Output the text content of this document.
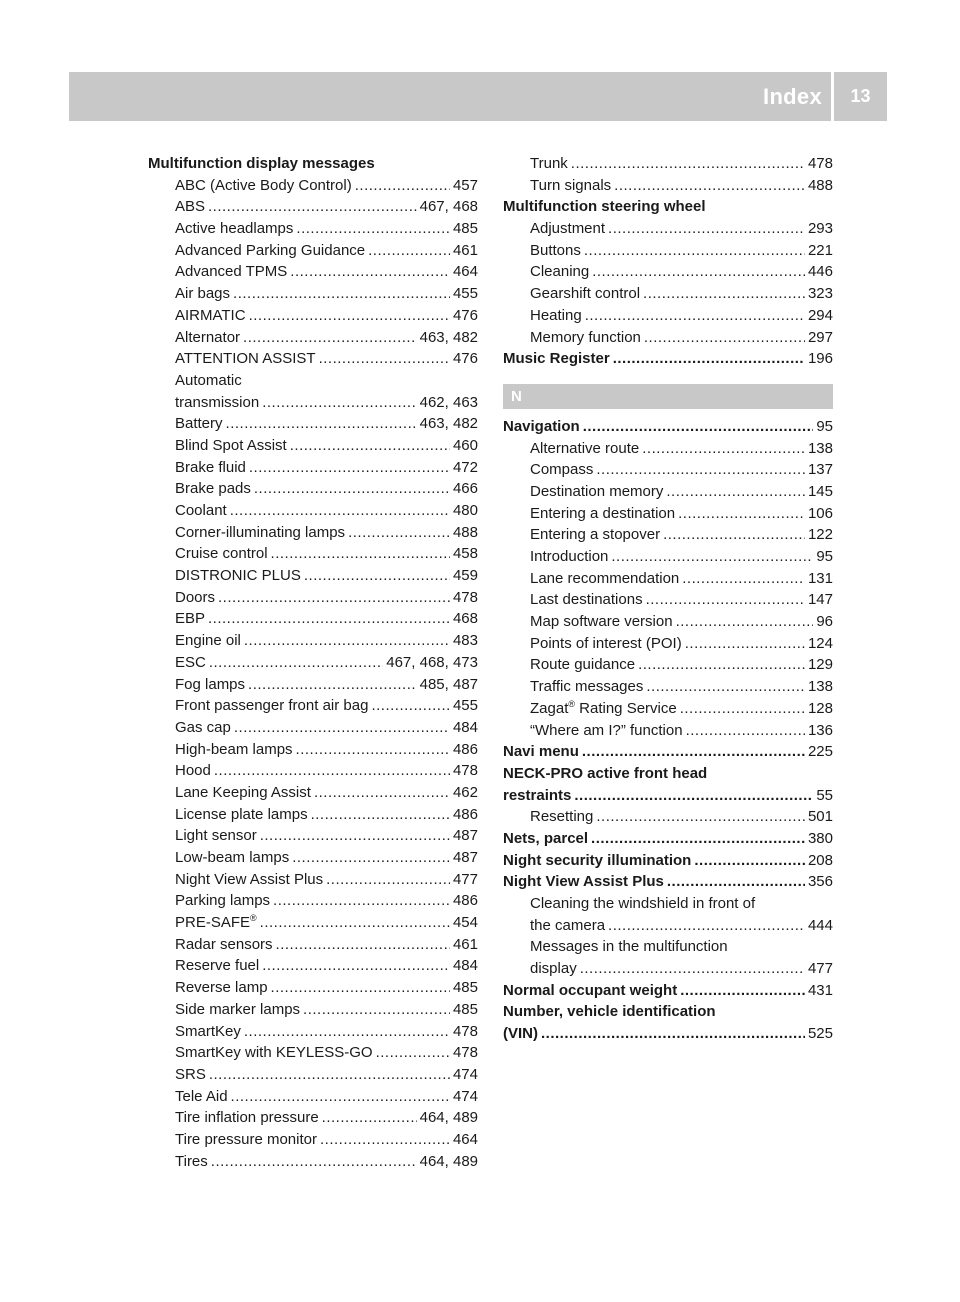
Index	13
Multifunction display messages
ABC (Active Body Control) .....	457
ABS .....	467, 468
Active headlamps .....	485
Advanced Parking Guidance .....	461
Advanced TPMS .....	464
Air bags .....	455
AIRMATIC .....	476
Alternator .....	463, 482
ATTENTION ASSIST .....	476
Automatic
transmission .....	462, 463
Battery .....	463, 482
Blind Spot Assist .....	460
Brake fluid .....	472
Brake pads .....	466
Coolant .....	480
Corner-illuminating lamps .....	488
Cruise control .....	458
DISTRONIC PLUS .....	459
Doors .....	478
EBP .....	468
Engine oil .....	483
ESC .....	467, 468, 473
Fog lamps .....	485, 487
Front passenger front air bag .....	455
Gas cap .....	484
High-beam lamps .....	486
Hood .....	478
Lane Keeping Assist .....	462
License plate lamps .....	486
Light sensor .....	487
Low-beam lamps .....	487
Night View Assist Plus .....	477
Parking lamps .....	486
PRE-SAFE® .....	454
Radar sensors .....	461
Reserve fuel .....	484
Reverse lamp .....	485
Side marker lamps .....	485
SmartKey .....	478
SmartKey with KEYLESS-GO .....	478
SRS .....	474
Tele Aid .....	474
Tire inflation pressure .....	464, 489
Tire pressure monitor .....	464
Tires .....	464, 489
Trunk .....	478
Turn signals .....	488
Multifunction steering wheel
Adjustment .....	293
Buttons .....	221
Cleaning .....	446
Gearshift control .....	323
Heating .....	294
Memory function .....	297
Music Register .....	196
N
Navigation .....	95
Alternative route .....	138
Compass .....	137
Destination memory .....	145
Entering a destination .....	106
Entering a stopover .....	122
Introduction .....	95
Lane recommendation .....	131
Last destinations .....	147
Map software version .....	96
Points of interest (POI) .....	124
Route guidance .....	129
Traffic messages .....	138
Zagat® Rating Service .....	128
“Where am I?” function .....	136
Navi menu .....	225
NECK-PRO active front head
restraints .....	55
Resetting .....	501
Nets, parcel .....	380
Night security illumination .....	208
Night View Assist Plus .....	356
Cleaning the windshield in front of
the camera .....	444
Messages in the multifunction
display .....	477
Normal occupant weight .....	431
Number, vehicle identification
(VIN) .....	525
